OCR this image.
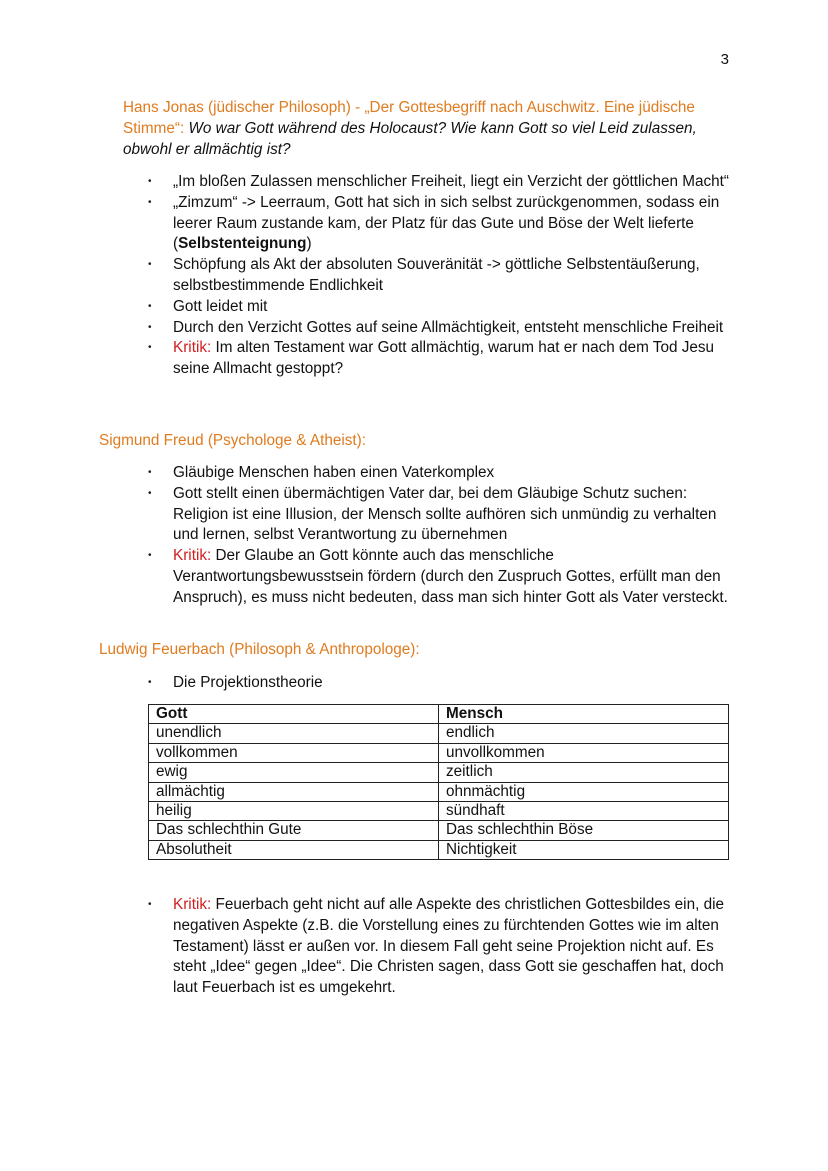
3
Hans Jonas (jüdischer Philosoph) - „Der Gottesbegriff nach Auschwitz. Eine jüdische Stimme“: Wo war Gott während des Holocaust? Wie kann Gott so viel Leid zulassen, obwohl er allmächtig ist?
• „Im bloßen Zulassen menschlicher Freiheit, liegt ein Verzicht der göttlichen Macht“
• „Zimzum“ -> Leerraum, Gott hat sich in sich selbst zurückgenommen, sodass ein leerer Raum zustande kam, der Platz für das Gute und Böse der Welt lieferte (Selbstenteignung)
• Schöpfung als Akt der absoluten Souveränität -> göttliche Selbstentäußerung, selbstbestimmende Endlichkeit
• Gott leidet mit
• Durch den Verzicht Gottes auf seine Allmächtigkeit, entsteht menschliche Freiheit
• Kritik: Im alten Testament war Gott allmächtig, warum hat er nach dem Tod Jesu seine Allmacht gestoppt?
Sigmund Freud (Psychologe & Atheist):
• Gläubige Menschen haben einen Vaterkomplex
• Gott stellt einen übermächtigen Vater dar, bei dem Gläubige Schutz suchen: Religion ist eine Illusion, der Mensch sollte aufhören sich unmündig zu verhalten und lernen, selbst Verantwortung zu übernehmen
• Kritik: Der Glaube an Gott könnte auch das menschliche Verantwortungsbewusstsein fördern (durch den Zuspruch Gottes, erfüllt man den Anspruch), es muss nicht bedeuten, dass man sich hinter Gott als Vater versteckt.
Ludwig Feuerbach (Philosoph & Anthropologe):
• Die Projektionstheorie
Gott	Mensch
unendlich	endlich
vollkommen	unvollkommen
ewig	zeitlich
allmächtig	ohnmächtig
heilig	sündhaft
Das schlechthin Gute	Das schlechthin Böse
Absolutheit	Nichtigkeit
• Kritik: Feuerbach geht nicht auf alle Aspekte des christlichen Gottesbildes ein, die negativen Aspekte (z.B. die Vorstellung eines zu fürchtenden Gottes wie im alten Testament) lässt er außen vor. In diesem Fall geht seine Projektion nicht auf. Es steht „Idee“ gegen „Idee“. Die Christen sagen, dass Gott sie geschaffen hat, doch laut Feuerbach ist es umgekehrt.
